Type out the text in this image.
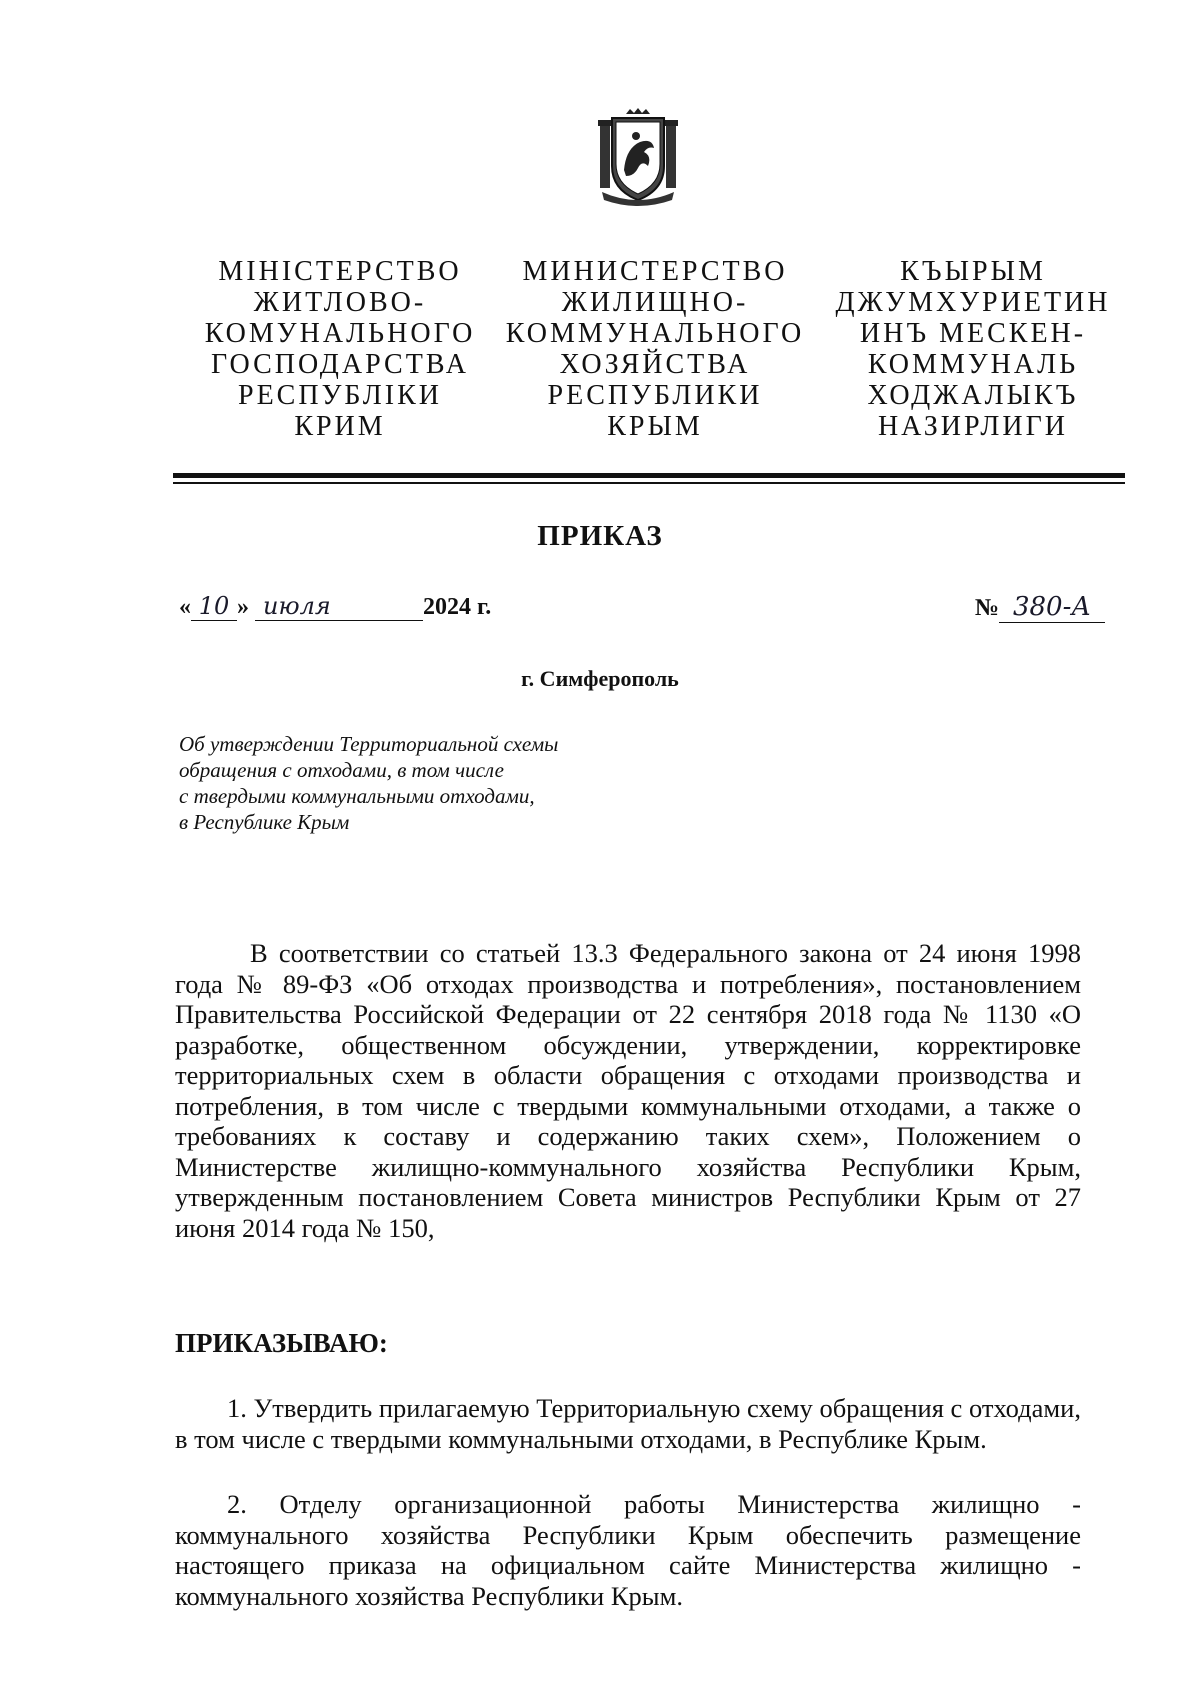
МІНІСТЕРСТВО
ЖИТЛОВО-
КОМУНАЛЬНОГО
ГОСПОДАРСТВА
РЕСПУБЛІКИ
КРИМ
МИНИСТЕРСТВО
ЖИЛИЩНО-
КОММУНАЛЬНОГО
ХОЗЯЙСТВА
РЕСПУБЛИКИ
КРЫМ
КЪЫРЫМ
ДЖУМХУРИЕТИН
ИНЪ МЕСКЕН-
КОММУНАЛЬ
ХОДЖАЛЫКЪ
НАЗИРЛИГИ
ПРИКАЗ
« 10 » июля	2024 г.	№ 380-А
г. Симферополь
Об утверждении Территориальной схемы
обращения с отходами, в том числе
с твердыми коммунальными отходами,
в Республике Крым

В соответствии со статьей 13.3 Федерального закона от 24 июня 1998 года № 89-ФЗ «Об отходах производства и потребления», постановлением Правительства Российской Федерации от 22 сентября 2018 года № 1130 «О разработке, общественном обсуждении, утверждении, корректировке территориальных схем в области обращения с отходами производства и потребления, в том числе с твердыми коммунальными отходами, а также о требованиях к составу и содержанию таких схем», Положением о Министерстве жилищно-коммунального хозяйства Республики Крым, утвержденным постановлением Совета министров Республики Крым от 27 июня 2014 года № 150,

ПРИКАЗЫВАЮ:

1. Утвердить прилагаемую Территориальную схему обращения с отходами, в том числе с твердыми коммунальными отходами, в Республике Крым.

2. Отделу организационной работы Министерства жилищно - коммунального хозяйства Республики Крым обеспечить размещение настоящего приказа на официальном сайте Министерства жилищно - коммунального хозяйства Республики Крым.
